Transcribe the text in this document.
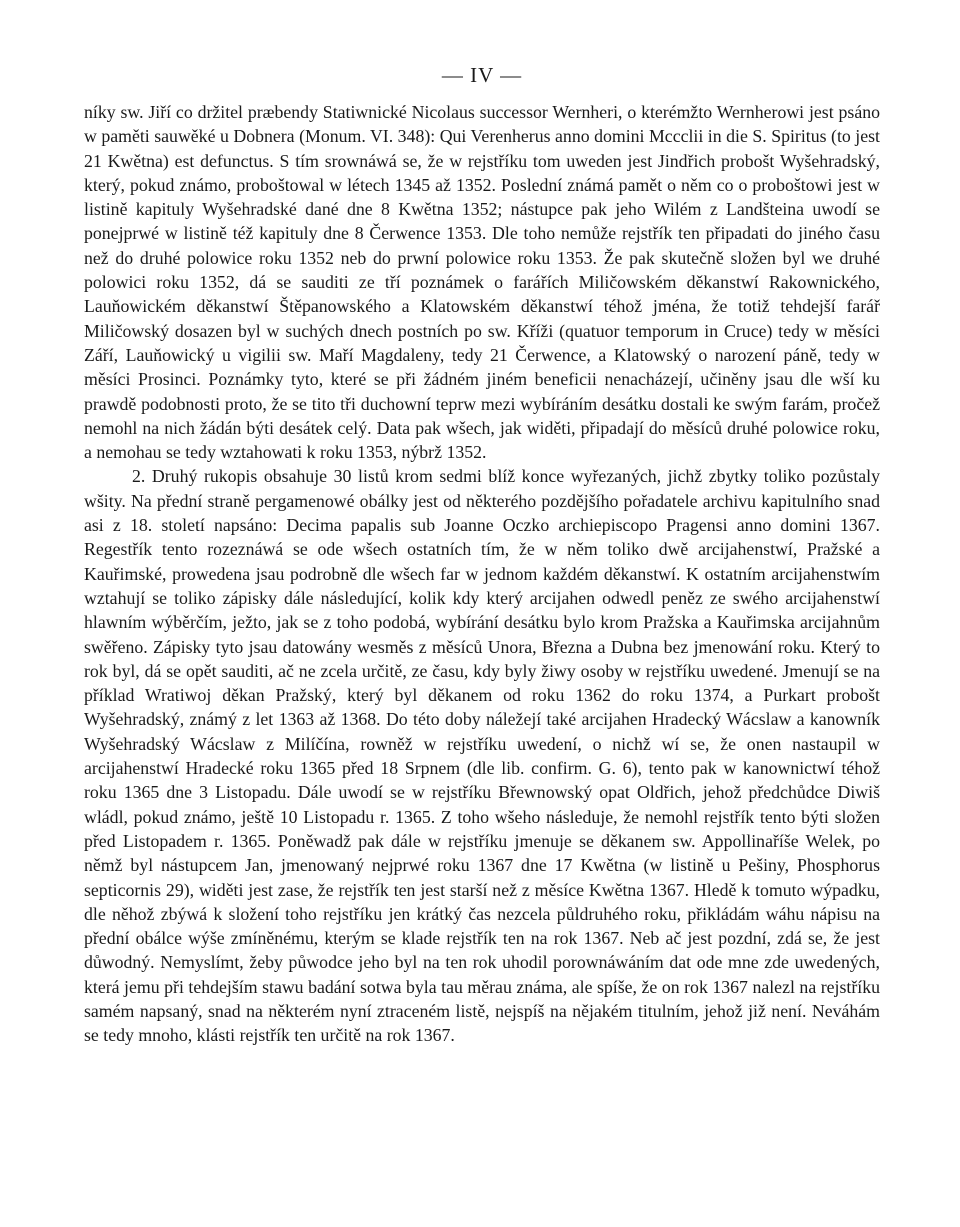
— IV —

níky sw. Jiří co držitel præbendy Statiwnické Nicolaus successor Wernheri, o kterémžto Wernherowi jest psáno w paměti sauwěké u Dobnera (Monum. VI. 348): Qui Verenherus anno domini Mccclii in die S. Spiritus (to jest 21 Kwětna) est defunctus. S tím srownáwá se, že w rejstříku tom uweden jest Jindřich probošt Wyšehradský, který, pokud známo, proboštowal w létech 1345 až 1352. Poslední známá pamět o něm co o proboštowi jest w listině kapituly Wyšehradské dané dne 8 Kwětna 1352; nástupce pak jeho Wilém z Landšteina uwodí se ponejprwé w listině též kapituly dne 8 Čerwence 1353. Dle toho nemůže rejstřík ten připadati do jiného času než do druhé polowice roku 1352 neb do prwní polowice roku 1353. Že pak skutečně složen byl we druhé polowici roku 1352, dá se sauditi ze tří poznámek o farářích Miličowském děkanstwí Rakownického, Lauňowickém děkanstwí Štěpanowského a Klatowském děkanstwí téhož jména, že totiž tehdejší farář Miličowský dosazen byl w suchých dnech postních po sw. Kříži (quatuor temporum in Cruce) tedy w měsíci Září, Lauňowický u vigilii sw. Maří Magdaleny, tedy 21 Čerwence, a Klatowský o narození páně, tedy w měsíci Prosinci. Poznámky tyto, které se při žádném jiném beneficii nenacházejí, učiněny jsau dle wší ku prawdě podobnosti proto, že se tito tři duchowní teprw mezi wybíráním desátku dostali ke swým farám, pročež nemohl na nich žádán býti desátek celý. Data pak wšech, jak widěti, připadají do měsíců druhé polowice roku, a nemohau se tedy wztahowati k roku 1353, nýbrž 1352.

2. Druhý rukopis obsahuje 30 listů krom sedmi blíž konce wyřezaných, jichž zbytky toliko pozůstaly wšity. Na přední straně pergamenowé obálky jest od některého pozdějšího pořadatele archivu kapitulního snad asi z 18. století napsáno: Decima papalis sub Joanne Oczko archiepiscopo Pragensi anno domini 1367. Regestřík tento rozeznáwá se ode wšech ostatních tím, že w něm toliko dwě arcijahenstwí, Pražské a Kauřimské, prowedena jsau podrobně dle wšech far w jednom každém děkanstwí. K ostatním arcijahenstwím wztahují se toliko zápisky dále následující, kolik kdy který arcijahen odwedl peněz ze swého arcijahenstwí hlawním wýběrčím, ježto, jak se z toho podobá, wybírání desátku bylo krom Pražska a Kauřimska arcijahnům swěřeno. Zápisky tyto jsau datowány wesměs z měsíců Unora, Března a Dubna bez jmenowání roku. Který to rok byl, dá se opět sauditi, ač ne zcela určitě, ze času, kdy byly žiwy osoby w rejstříku uwedené. Jmenují se na příklad Wratiwoj děkan Pražský, který byl děkanem od roku 1362 do roku 1374, a Purkart probošt Wyšehradský, známý z let 1363 až 1368. Do této doby náležejí také arcijahen Hradecký Wácslaw a kanowník Wyšehradský Wácslaw z Milíčína, rowněž w rejstříku uwedení, o nichž wí se, že onen nastaupil w arcijahenstwí Hradecké roku 1365 před 18 Srpnem (dle lib. confirm. G. 6), tento pak w kanownictwí téhož roku 1365 dne 3 Listopadu. Dále uwodí se w rejstříku Břewnowský opat Oldřich, jehož předchůdce Diwiš wládl, pokud známo, ještě 10 Listopadu r. 1365. Z toho wšeho následuje, že nemohl rejstřík tento býti složen před Listopadem r. 1365. Poněwadž pak dále w rejstříku jmenuje se děkanem sw. Appollinaříše Welek, po němž byl nástupcem Jan, jmenowaný nejprwé roku 1367 dne 17 Kwětna (w listině u Pešiny, Phosphorus septicornis 29), widěti jest zase, že rejstřík ten jest starší než z měsíce Kwětna 1367. Hledě k tomuto wýpadku, dle něhož zbýwá k složení toho rejstříku jen krátký čas nezcela půldruhého roku, přikládám wáhu nápisu na přední obálce wýše zmíněnému, kterým se klade rejstřík ten na rok 1367. Neb ač jest pozdní, zdá se, že jest důwodný. Nemyslímt, žeby půwodce jeho byl na ten rok uhodil porownáwáním dat ode mne zde uwedených, která jemu při tehdejším stawu badání sotwa byla tau měrau známa, ale spíše, že on rok 1367 nalezl na rejstříku samém napsaný, snad na některém nyní ztraceném listě, nejspíš na nějakém titulním, jehož již není. Neváhám se tedy mnoho, klásti rejstřík ten určitě na rok 1367.
